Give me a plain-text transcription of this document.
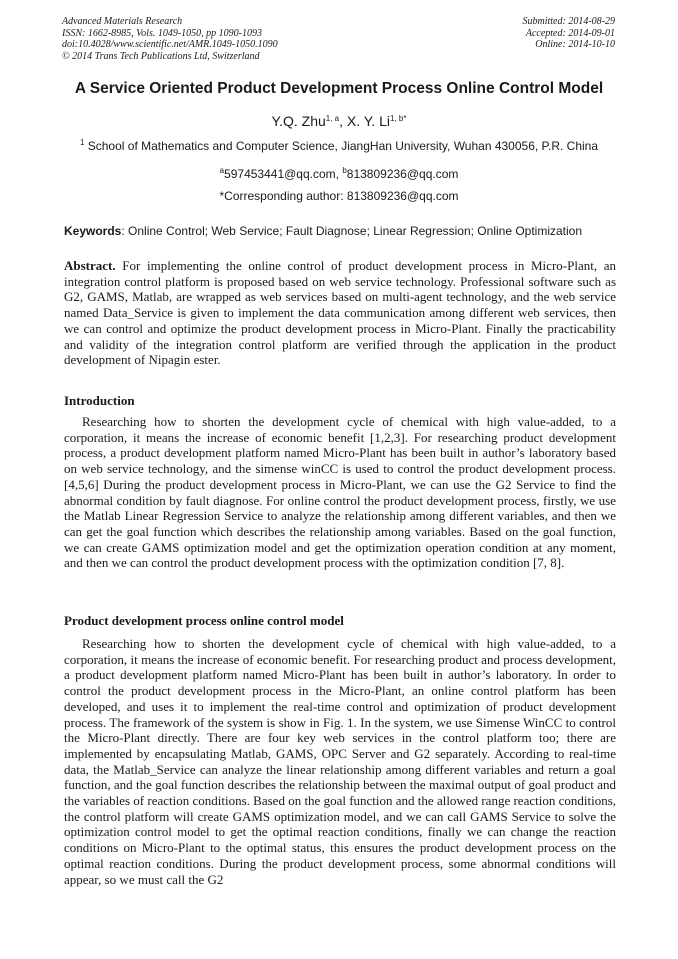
Advanced Materials Research
ISSN: 1662-8985, Vols. 1049-1050, pp 1090-1093
doi:10.4028/www.scientific.net/AMR.1049-1050.1090
© 2014 Trans Tech Publications Ltd, Switzerland
Submitted: 2014-08-29
Accepted: 2014-09-01
Online: 2014-10-10
A Service Oriented Product Development Process Online Control Model
Y.Q. Zhu$^{1, a}$, X. Y. $Li^{1, b*}$
$^1$ School of Mathematics and Computer Science, JiangHan University, Wuhan 430056, P.R. China
$^a$597453441@qq.com, $^b$813809236@qq.com
*Corresponding author: 813809236@qq.com
Keywords: Online Control; Web Service; Fault Diagnose; Linear Regression; Online Optimization
Abstract. For implementing the online control of product development process in Micro-Plant, an integration control platform is proposed based on web service technology. Professional software such as G2, GAMS, Matlab, are wrapped as web services based on multi-agent technology, and the web service named Data_Service is given to implement the data communication among different web services, then we can control and optimize the product development process in Micro-Plant. Finally the practicability and validity of the integration control platform are verified through the application in the product development of Nipagin ester.
Introduction
Researching how to shorten the development cycle of chemical with high value-added, to a corporation, it means the increase of economic benefit [1,2,3]. For researching product development process, a product development platform named Micro-Plant has been built in author’s laboratory based on web service technology, and the simense winCC is used to control the product development process.[4,5,6] During the product development process in Micro-Plant, we can use the G2 Service to find the abnormal condition by fault diagnose. For online control the product development process, firstly, we use the Matlab Linear Regression Service to analyze the relationship among different variables, and then we can get the goal function which describes the relationship among variables. Based on the goal function, we can create GAMS optimization model and get the optimization operation condition at any moment, and then we can control the product development process with the optimization condition [7, 8].
Product development process online control model
Researching how to shorten the development cycle of chemical with high value-added, to a corporation, it means the increase of economic benefit. For researching product and process development, a product development platform named Micro-Plant has been built in author’s laboratory. In order to control the product development process in the Micro-Plant, an online control platform has been developed, and uses it to implement the real-time control and optimization of product development process. The framework of the system is show in Fig. 1. In the system, we use Simense WinCC to control the Micro-Plant directly. There are four key web services in the control platform too; there are implemented by encapsulating Matlab, GAMS, OPC Server and G2 separately. According to real-time data, the Matlab_Service can analyze the linear relationship among different variables and return a goal function, and the goal function describes the relationship between the maximal output of goal product and the variables of reaction conditions. Based on the goal function and the allowed range reaction conditions, the control platform will create GAMS optimization model, and we can call GAMS Service to solve the optimization control model to get the optimal reaction conditions, finally we can change the reaction conditions on Micro-Plant to the optimal status, this ensures the product development process on the optimal reaction conditions. During the product development process, some abnormal conditions will appear, so we must call the G2
